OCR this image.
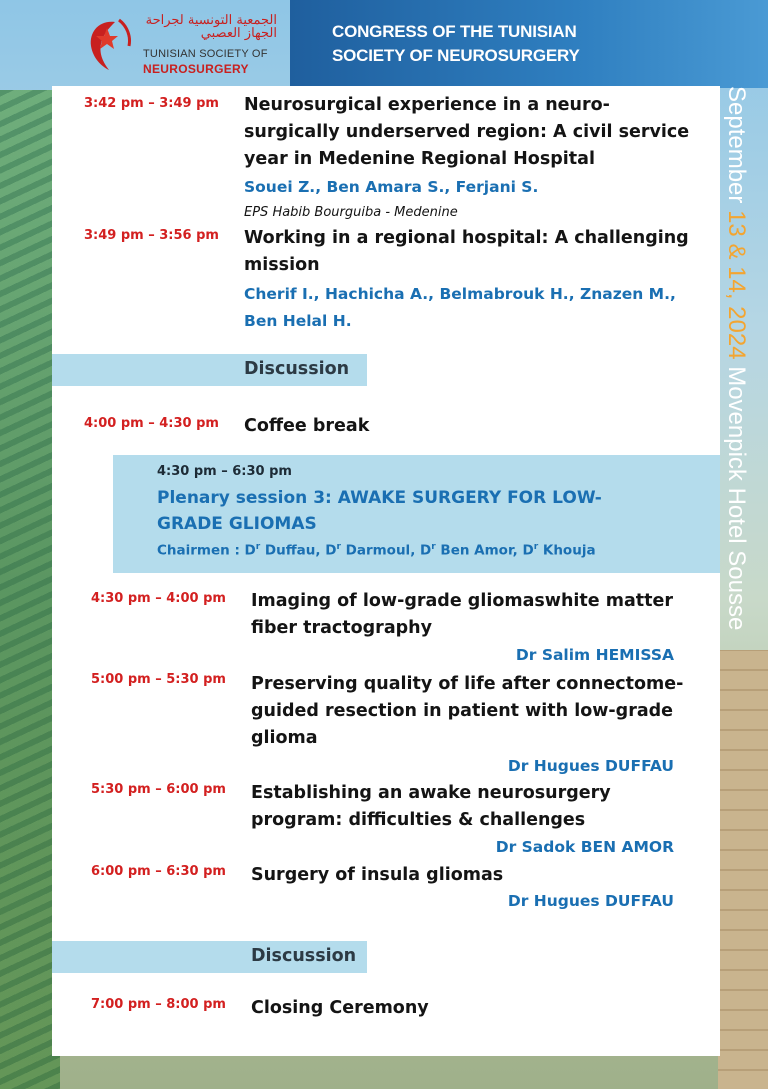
الجمعية التونسية لجراحة
الجهاز العصبي
TUNISIAN SOCIETY OF
NEUROSURGERY
CONGRESS OF THE TUNISIAN
SOCIETY OF NEUROSURGERY
September 13 & 14, 2024 Movenpick Hotel Sousse
3:42 pm – 3:49 pm Neurosurgical experience in a neuro-
surgically underserved region: A civil service
year in Medenine Regional Hospital
Souei Z., Ben Amara S., Ferjani S.
EPS Habib Bourguiba - Medenine
3:49 pm – 3:56 pm Working in a regional hospital: A challenging
mission
Cherif I., Hachicha A., Belmabrouk H., Znazen M.,
Ben Helal H.
Discussion
4:00 pm – 4:30 pm Coffee break
4:30 pm – 6:30 pm
Plenary session 3: AWAKE SURGERY FOR LOW-
GRADE GLIOMAS
Chairmen : $D^r$ Duffau, $D^r$ Darmoul, $D^r$ Ben Amor, $D^r$ Khouja
4:30 pm – 4:00 pm Imaging of low-grade gliomaswhite matter
fiber tractography
Dr Salim HEMISSA
5:00 pm – 5:30 pm Preserving quality of life after connectome-
guided resection in patient with low-grade
glioma
Dr Hugues DUFFAU
5:30 pm – 6:00 pm Establishing an awake neurosurgery
program: difficulties & challenges
Dr Sadok BEN AMOR
6:00 pm – 6:30 pm Surgery of insula gliomas
Dr Hugues DUFFAU
Discussion
7:00 pm – 8:00 pm Closing Ceremony
